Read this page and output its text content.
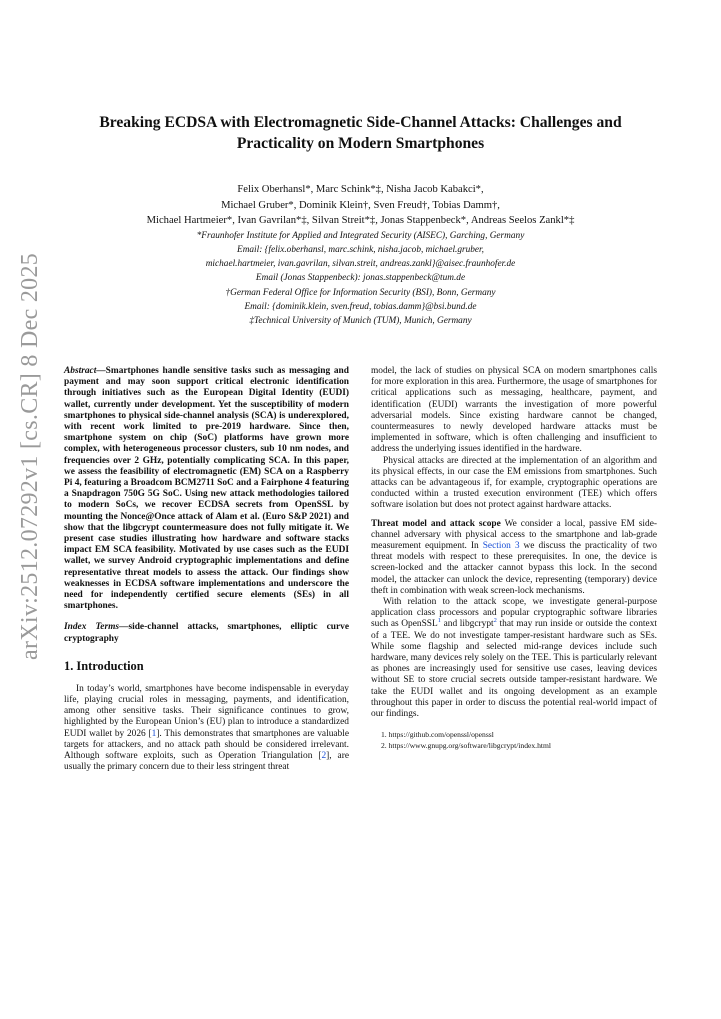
arXiv:2512.07292v1 [cs.CR] 8 Dec 2025
Breaking ECDSA with Electromagnetic Side-Channel Attacks: Challenges and Practicality on Modern Smartphones
Felix Oberhansl*, Marc Schink*‡, Nisha Jacob Kabakci*,
Michael Gruber*, Dominik Klein†, Sven Freud†, Tobias Damm†,
Michael Hartmeier*, Ivan Gavrilan*‡, Silvan Streit*‡, Jonas Stappenbeck*, Andreas Seelos Zankl*‡
*Fraunhofer Institute for Applied and Integrated Security (AISEC), Garching, Germany
Email: {felix.oberhansl, marc.schink, nisha.jacob, michael.gruber,
michael.hartmeier, ivan.gavrilan, silvan.streit, andreas.zankl}@aisec.fraunhofer.de
Email (Jonas Stappenbeck): jonas.stappenbeck@tum.de
†German Federal Office for Information Security (BSI), Bonn, Germany
Email: {dominik.klein, sven.freud, tobias.damm}@bsi.bund.de
‡Technical University of Munich (TUM), Munich, Germany

Abstract—Smartphones handle sensitive tasks such as messaging and payment and may soon support critical electronic identification through initiatives such as the European Digital Identity (EUDI) wallet, currently under development. Yet the susceptibility of modern smartphones to physical side-channel analysis (SCA) is underexplored, with recent work limited to pre-2019 hardware. Since then, smartphone system on chip (SoC) platforms have grown more complex, with heterogeneous processor clusters, sub 10 nm nodes, and frequencies over 2 GHz, potentially complicating SCA. In this paper, we assess the feasibility of electromagnetic (EM) SCA on a Raspberry Pi 4, featuring a Broadcom BCM2711 SoC and a Fairphone 4 featuring a Snapdragon 750G 5G SoC. Using new attack methodologies tailored to modern SoCs, we recover ECDSA secrets from OpenSSL by mounting the Nonce@Once attack of Alam et al. (Euro S&P 2021) and show that the libgcrypt countermeasure does not fully mitigate it. We present case studies illustrating how hardware and software stacks impact EM SCA feasibility. Motivated by use cases such as the EUDI wallet, we survey Android cryptographic implementations and define representative threat models to assess the attack. Our findings show weaknesses in ECDSA software implementations and underscore the need for independently certified secure elements (SEs) in all smartphones.

Index Terms—side-channel attacks, smartphones, elliptic curve cryptography

1. Introduction

In today’s world, smartphones have become indispensable in everyday life, playing crucial roles in messaging, payments, and identification, among other sensitive tasks. Their significance continues to grow, highlighted by the European Union’s (EU) plan to introduce a standardized EUDI wallet by 2026 [1]. This demonstrates that smartphones are valuable targets for attackers, and no attack path should be considered irrelevant. Although software exploits, such as Operation Triangulation [2], are usually the primary concern due to their less stringent threat

model, the lack of studies on physical SCA on modern smartphones calls for more exploration in this area. Furthermore, the usage of smartphones for critical applications such as messaging, healthcare, payment, and identification (EUDI) warrants the investigation of more powerful adversarial models. Since existing hardware cannot be changed, countermeasures to newly developed hardware attacks must be implemented in software, which is often challenging and insufficient to address the underlying issues identified in the hardware.

Physical attacks are directed at the implementation of an algorithm and its physical effects, in our case the EM emissions from smartphones. Such attacks can be advantageous if, for example, cryptographic operations are conducted within a trusted execution environment (TEE) which offers software isolation but does not protect against hardware attacks.

Threat model and attack scope We consider a local, passive EM side-channel adversary with physical access to the smartphone and lab-grade measurement equipment. In Section 3 we discuss the practicality of two threat models with respect to these prerequisites. In one, the device is screen-locked and the attacker cannot bypass this lock. In the second model, the attacker can unlock the device, representing (temporary) device theft in combination with weak screen-lock mechanisms.

With relation to the attack scope, we investigate general-purpose application class processors and popular cryptographic software libraries such as OpenSSL$^1$ and libgcrypt$^2$ that may run inside or outside the context of a TEE. We do not investigate tamper-resistant hardware such as SEs. While some flagship and selected mid-range devices include such hardware, many devices rely solely on the TEE. This is particularly relevant as phones are increasingly used for sensitive use cases, leaving devices without SE to store crucial secrets outside tamper-resistant hardware. We take the EUDI wallet and its ongoing development as an example throughout this paper in order to discuss the potential real-world impact of our findings.

1. https://github.com/openssl/openssl
2. https://www.gnupg.org/software/libgcrypt/index.html
